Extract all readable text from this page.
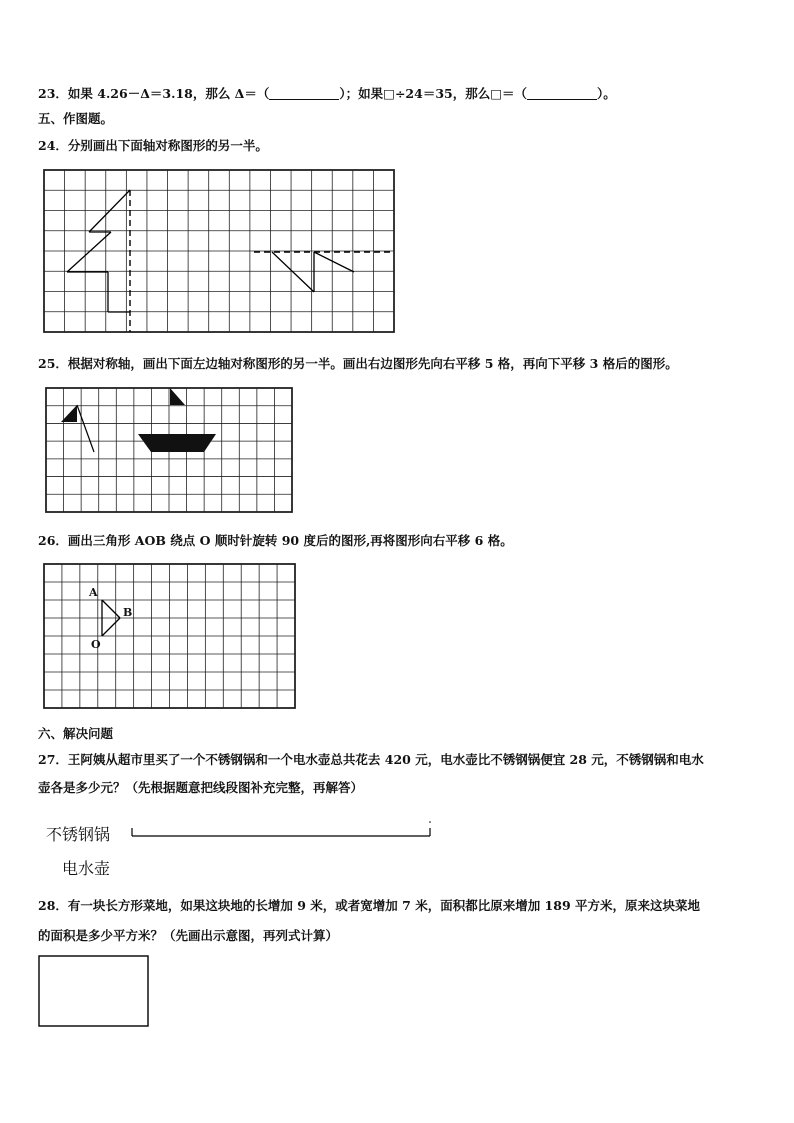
23．如果 4.26－Δ＝3.18，那么 Δ＝（	）；如果□÷24＝35，那么□＝（	）。
五、作图题。
24．分别画出下面轴对称图形的另一半。
25．根据对称轴，画出下面左边轴对称图形的另一半。画出右边图形先向右平移 5 格，再向下平移 3 格后的图形。
26．画出三角形 AOB 绕点 O 顺时针旋转 90 度后的图形,再将图形向右平移 6 格。
A
B
O
六、解决问题
27．王阿姨从超市里买了一个不锈钢锅和一个电水壶总共花去 420 元，电水壶比不锈钢锅便宜 28 元，不锈钢锅和电水
壶各是多少元？（先根据题意把线段图补充完整，再解答）
不锈钢锅
电水壶
28．有一块长方形菜地，如果这块地的长增加 9 米，或者宽增加 7 米，面积都比原来增加 189 平方米，原来这块菜地
的面积是多少平方米？（先画出示意图，再列式计算）
